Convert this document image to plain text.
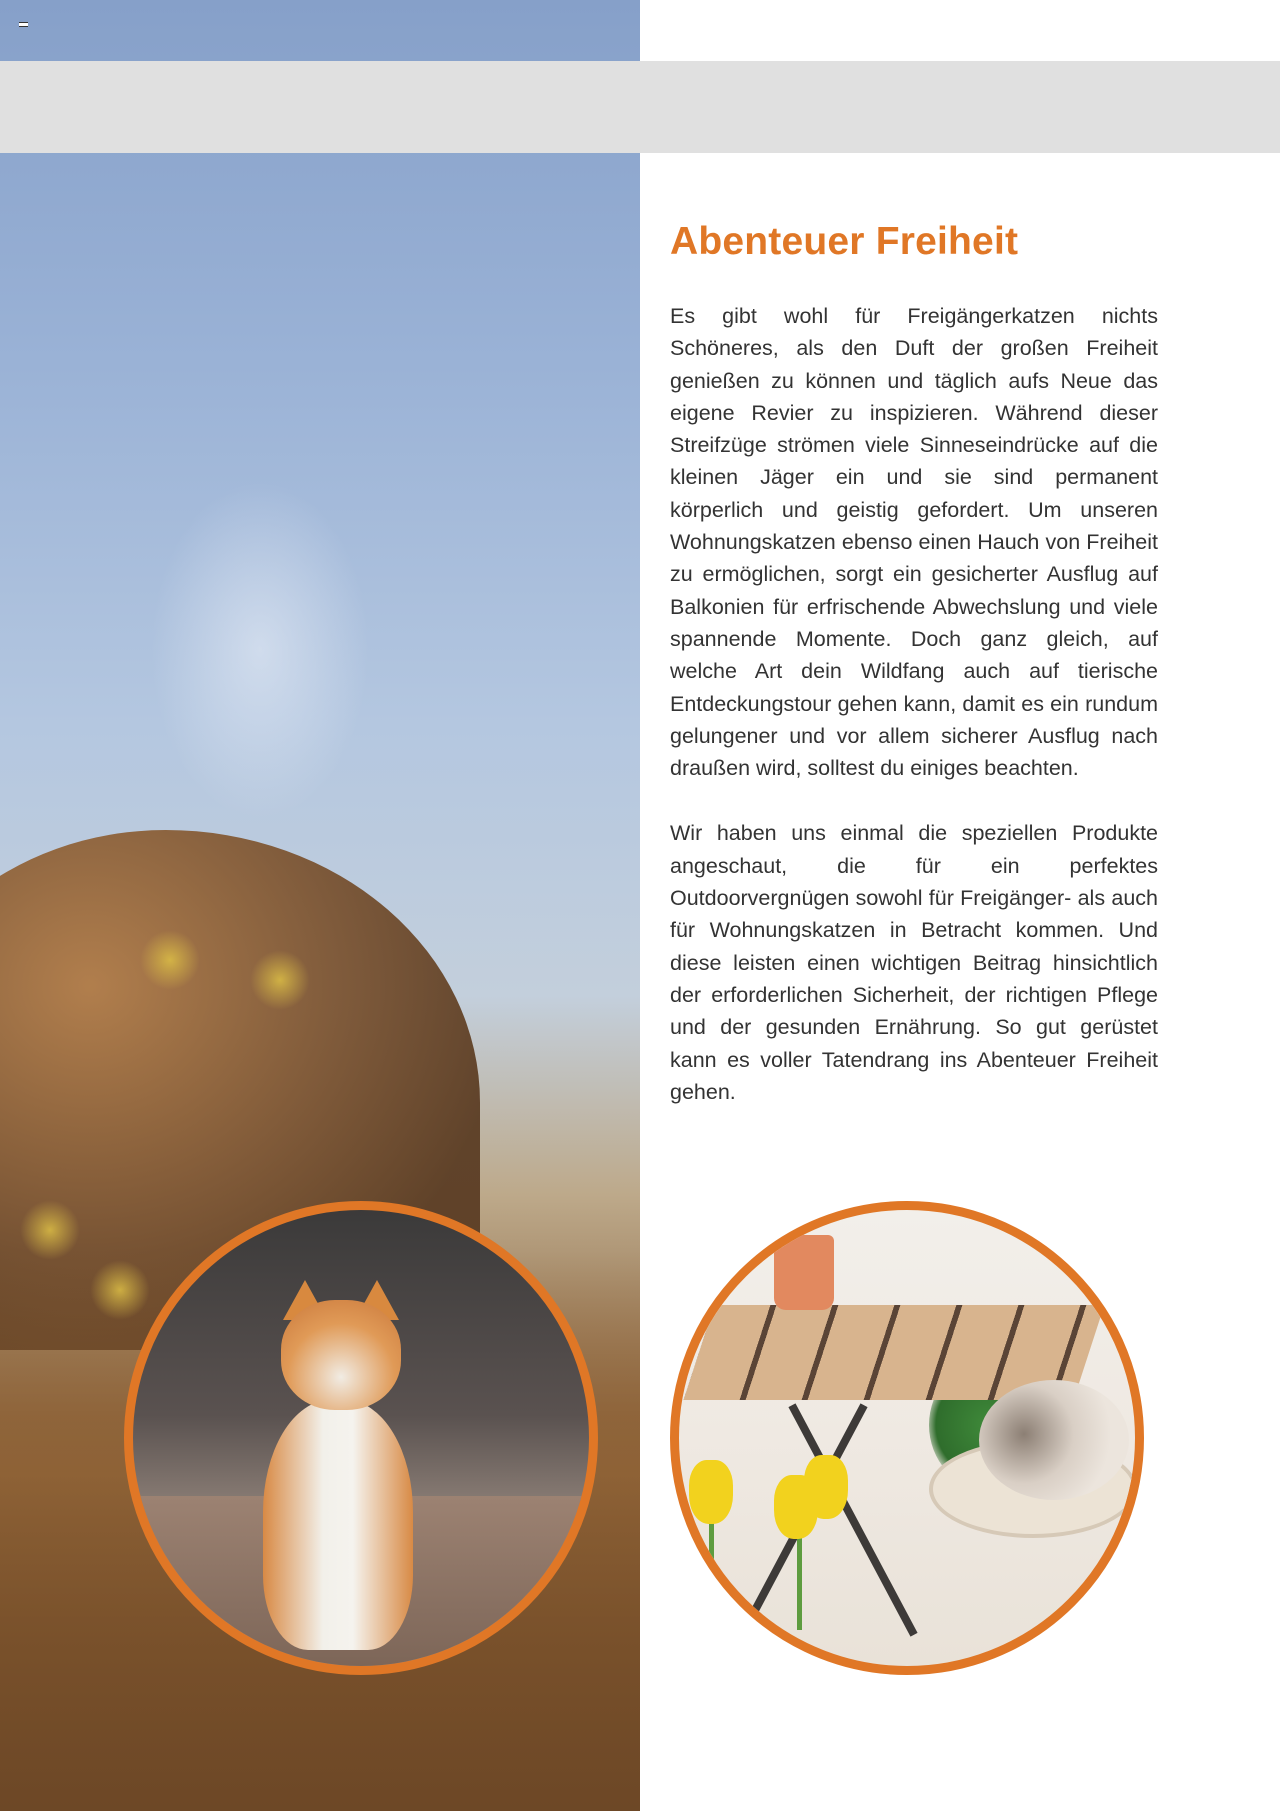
Abenteuer Freiheit

Es gibt wohl für Freigängerkatzen nichts Schöneres, als den Duft der großen Freiheit genießen zu können und täglich aufs Neue das eigene Revier zu inspizieren. Während dieser Streifzüge strömen viele Sinneseindrücke auf die kleinen Jäger ein und sie sind permanent körperlich und geistig gefordert. Um unseren Wohnungskatzen ebenso einen Hauch von Freiheit zu ermöglichen, sorgt ein gesicherter Ausflug auf Balkonien für erfrischende Abwechslung und viele spannende Momente. Doch ganz gleich, auf welche Art dein Wildfang auch auf tierische Entdeckungstour gehen kann, damit es ein rundum gelungener und vor allem sicherer Ausflug nach draußen wird, solltest du einiges beachten.

Wir haben uns einmal die speziellen Produkte angeschaut, die für ein perfektes Outdoorvergnügen sowohl für Freigänger- als auch für Wohnungskatzen in Betracht kommen. Und diese leisten einen wichtigen Beitrag hinsichtlich der erforderlichen Sicherheit, der richtigen Pflege und der gesunden Ernährung. So gut gerüstet kann es voller Tatendrang ins Abenteuer Freiheit gehen.
